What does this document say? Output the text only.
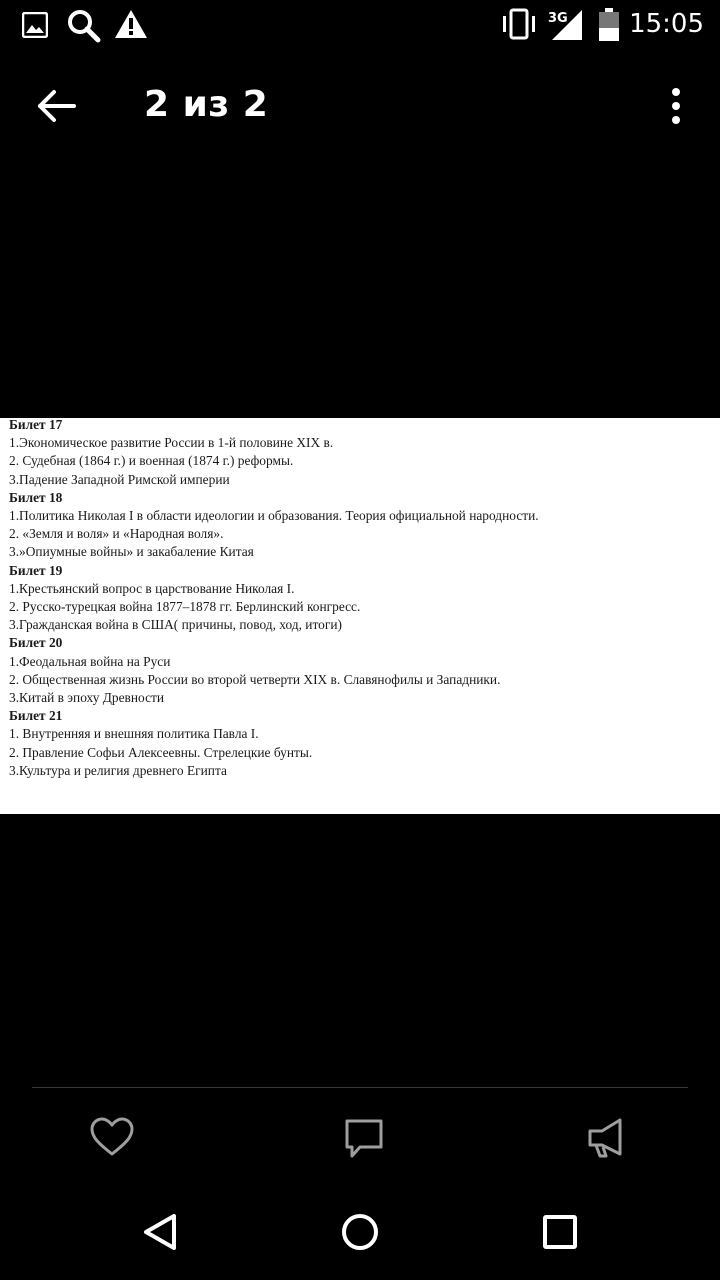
3G 15:05
2 из 2
Билет 17
1.Экономическое развитие России в 1-й половине XIX в.
2. Судебная (1864 г.) и военная (1874 г.) реформы.
3.Падение Западной Римской империи
Билет 18
1.Политика Николая I в области идеологии и образования. Теория официальной народности.
2. «Земля и воля» и «Народная воля».
3.»Опиумные войны» и закабаление Китая
Билет 19
1.Крестьянский вопрос в царствование Николая I.
2. Русско-турецкая война 1877–1878 гг. Берлинский конгресс.
3.Гражданская война в США( причины, повод, ход, итоги)
Билет 20
1.Феодальная война на Руси
2. Общественная жизнь России во второй четверти XIX в. Славянофилы и Западники.
3.Китай в эпоху Древности
Билет 21
1. Внутренняя и внешняя политика Павла I.
2. Правление Софьи Алексеевны. Стрелецкие бунты.
3.Культура и религия древнего Египта
